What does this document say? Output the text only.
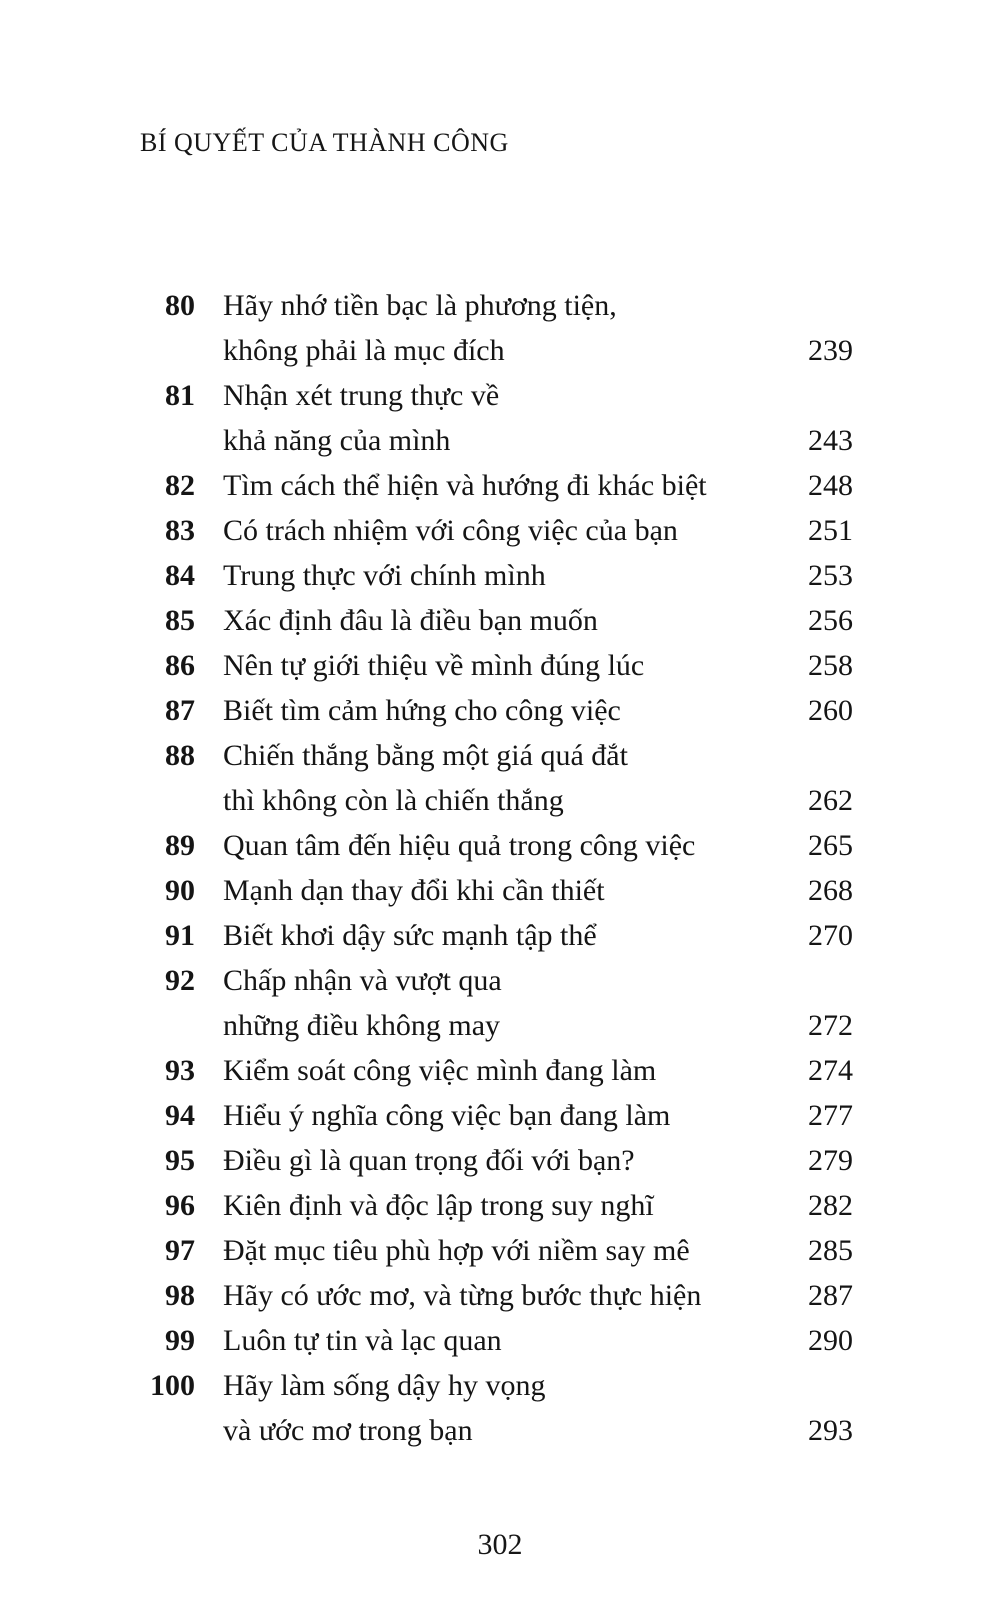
BÍ QUYẾT CỦA THÀNH CÔNG
80 Hãy nhớ tiền bạc là phương tiện,
không phải là mục đích	239
81 Nhận xét trung thực về
khả năng của mình	243
82 Tìm cách thể hiện và hướng đi khác biệt	248
83 Có trách nhiệm với công việc của bạn	251
84 Trung thực với chính mình	253
85 Xác định đâu là điều bạn muốn	256
86 Nên tự giới thiệu về mình đúng lúc	258
87 Biết tìm cảm hứng cho công việc	260
88 Chiến thắng bằng một giá quá đắt
thì không còn là chiến thắng	262
89 Quan tâm đến hiệu quả trong công việc	265
90 Mạnh dạn thay đổi khi cần thiết	268
91 Biết khơi dậy sức mạnh tập thể	270
92 Chấp nhận và vượt qua
những điều không may	272
93 Kiểm soát công việc mình đang làm	274
94 Hiểu ý nghĩa công việc bạn đang làm	277
95 Điều gì là quan trọng đối với bạn?	279
96 Kiên định và độc lập trong suy nghĩ	282
97 Đặt mục tiêu phù hợp với niềm say mê	285
98 Hãy có ước mơ, và từng bước thực hiện	287
99 Luôn tự tin và lạc quan	290
100 Hãy làm sống dậy hy vọng
và ước mơ trong bạn	293
302
